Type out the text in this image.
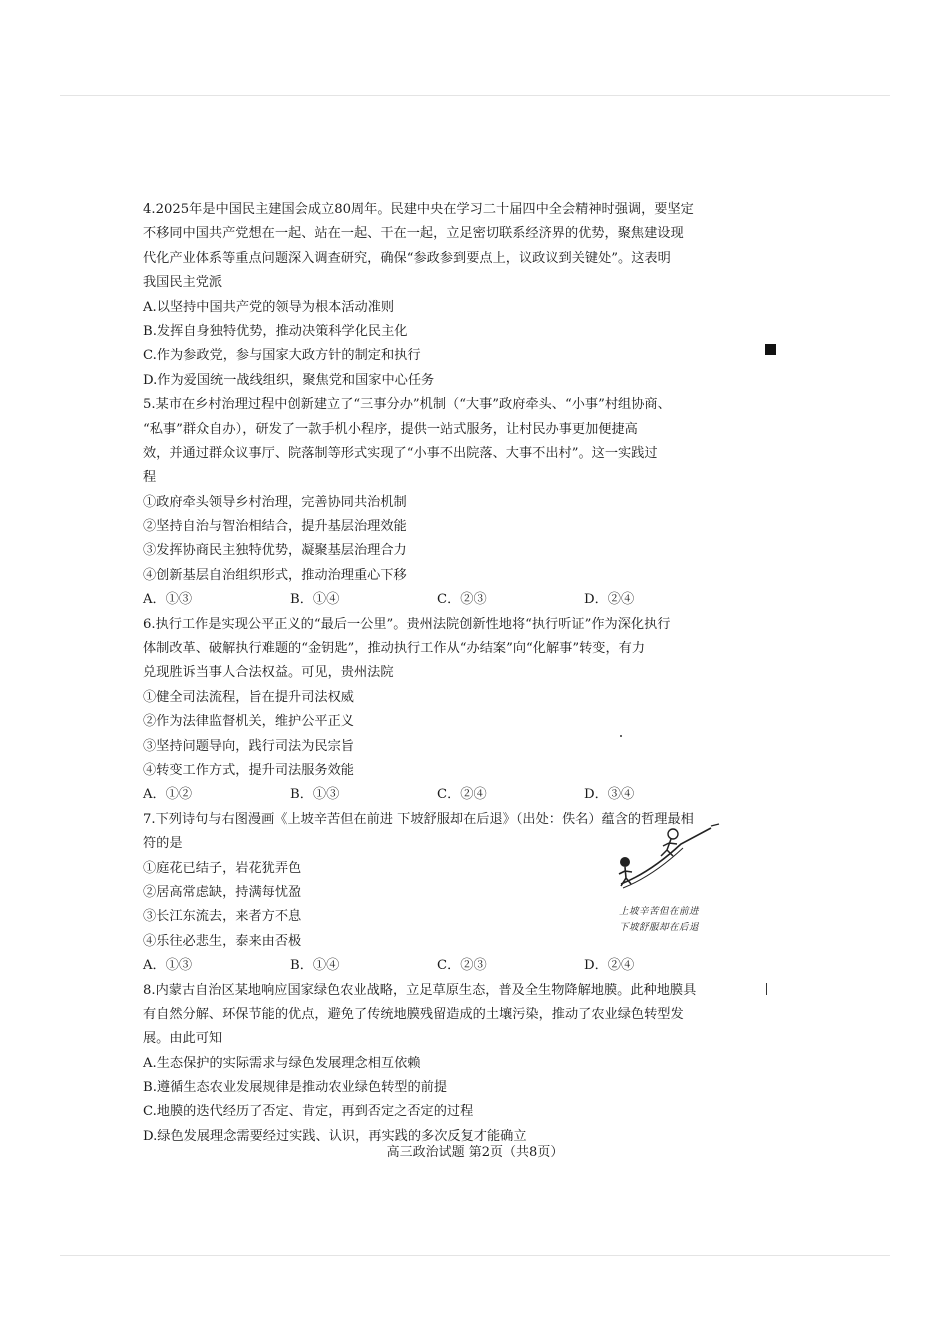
4.2025年是中国民主建国会成立80周年。民建中央在学习二十届四中全会精神时强调，要坚定
不移同中国共产党想在一起、站在一起、干在一起，立足密切联系经济界的优势，聚焦建设现
代化产业体系等重点问题深入调查研究，确保“参政参到要点上，议政议到关键处”。这表明
我国民主党派
A.以坚持中国共产党的领导为根本活动准则
B.发挥自身独特优势，推动决策科学化民主化
C.作为参政党，参与国家大政方针的制定和执行
D.作为爱国统一战线组织，聚焦党和国家中心任务
5.某市在乡村治理过程中创新建立了“三事分办”机制（“大事”政府牵头、“小事”村组协商、
“私事”群众自办），研发了一款手机小程序，提供一站式服务，让村民办事更加便捷高
效，并通过群众议事厅、院落制等形式实现了“小事不出院落、大事不出村”。这一实践过
程
①政府牵头领导乡村治理，完善协同共治机制
②坚持自治与智治相结合，提升基层治理效能
③发挥协商民主独特优势，凝聚基层治理合力
④创新基层自治组织形式，推动治理重心下移
A．①③	B．①④	C．②③	D．②④
6.执行工作是实现公平正义的“最后一公里”。贵州法院创新性地将“执行听证”作为深化执行
体制改革、破解执行难题的“金钥匙”，推动执行工作从“办结案”向“化解事”转变，有力
兑现胜诉当事人合法权益。可见，贵州法院
①健全司法流程，旨在提升司法权威
②作为法律监督机关，维护公平正义
③坚持问题导向，践行司法为民宗旨
④转变工作方式，提升司法服务效能
A．①②	B．①③	C．②④	D．③④
7.下列诗句与右图漫画《上坡辛苦但在前进 下坡舒服却在后退》（出处：佚名）蕴含的哲理最相
符的是
①庭花已结子，岩花犹弄色
②居高常虑缺，持满每忧盈
③长江东流去，来者方不息
④乐往必悲生，泰来由否极
A．①③	B．①④	C．②③	D．②④
上坡辛苦但在前进
下坡舒服却在后退
8.内蒙古自治区某地响应国家绿色农业战略，立足草原生态，普及全生物降解地膜。此种地膜具
有自然分解、环保节能的优点，避免了传统地膜残留造成的土壤污染，推动了农业绿色转型发
展。由此可知
A.生态保护的实际需求与绿色发展理念相互依赖
B.遵循生态农业发展规律是推动农业绿色转型的前提
C.地膜的迭代经历了否定、肯定，再到否定之否定的过程
D.绿色发展理念需要经过实践、认识，再实践的多次反复才能确立
高三政治试题 第2页（共8页）
